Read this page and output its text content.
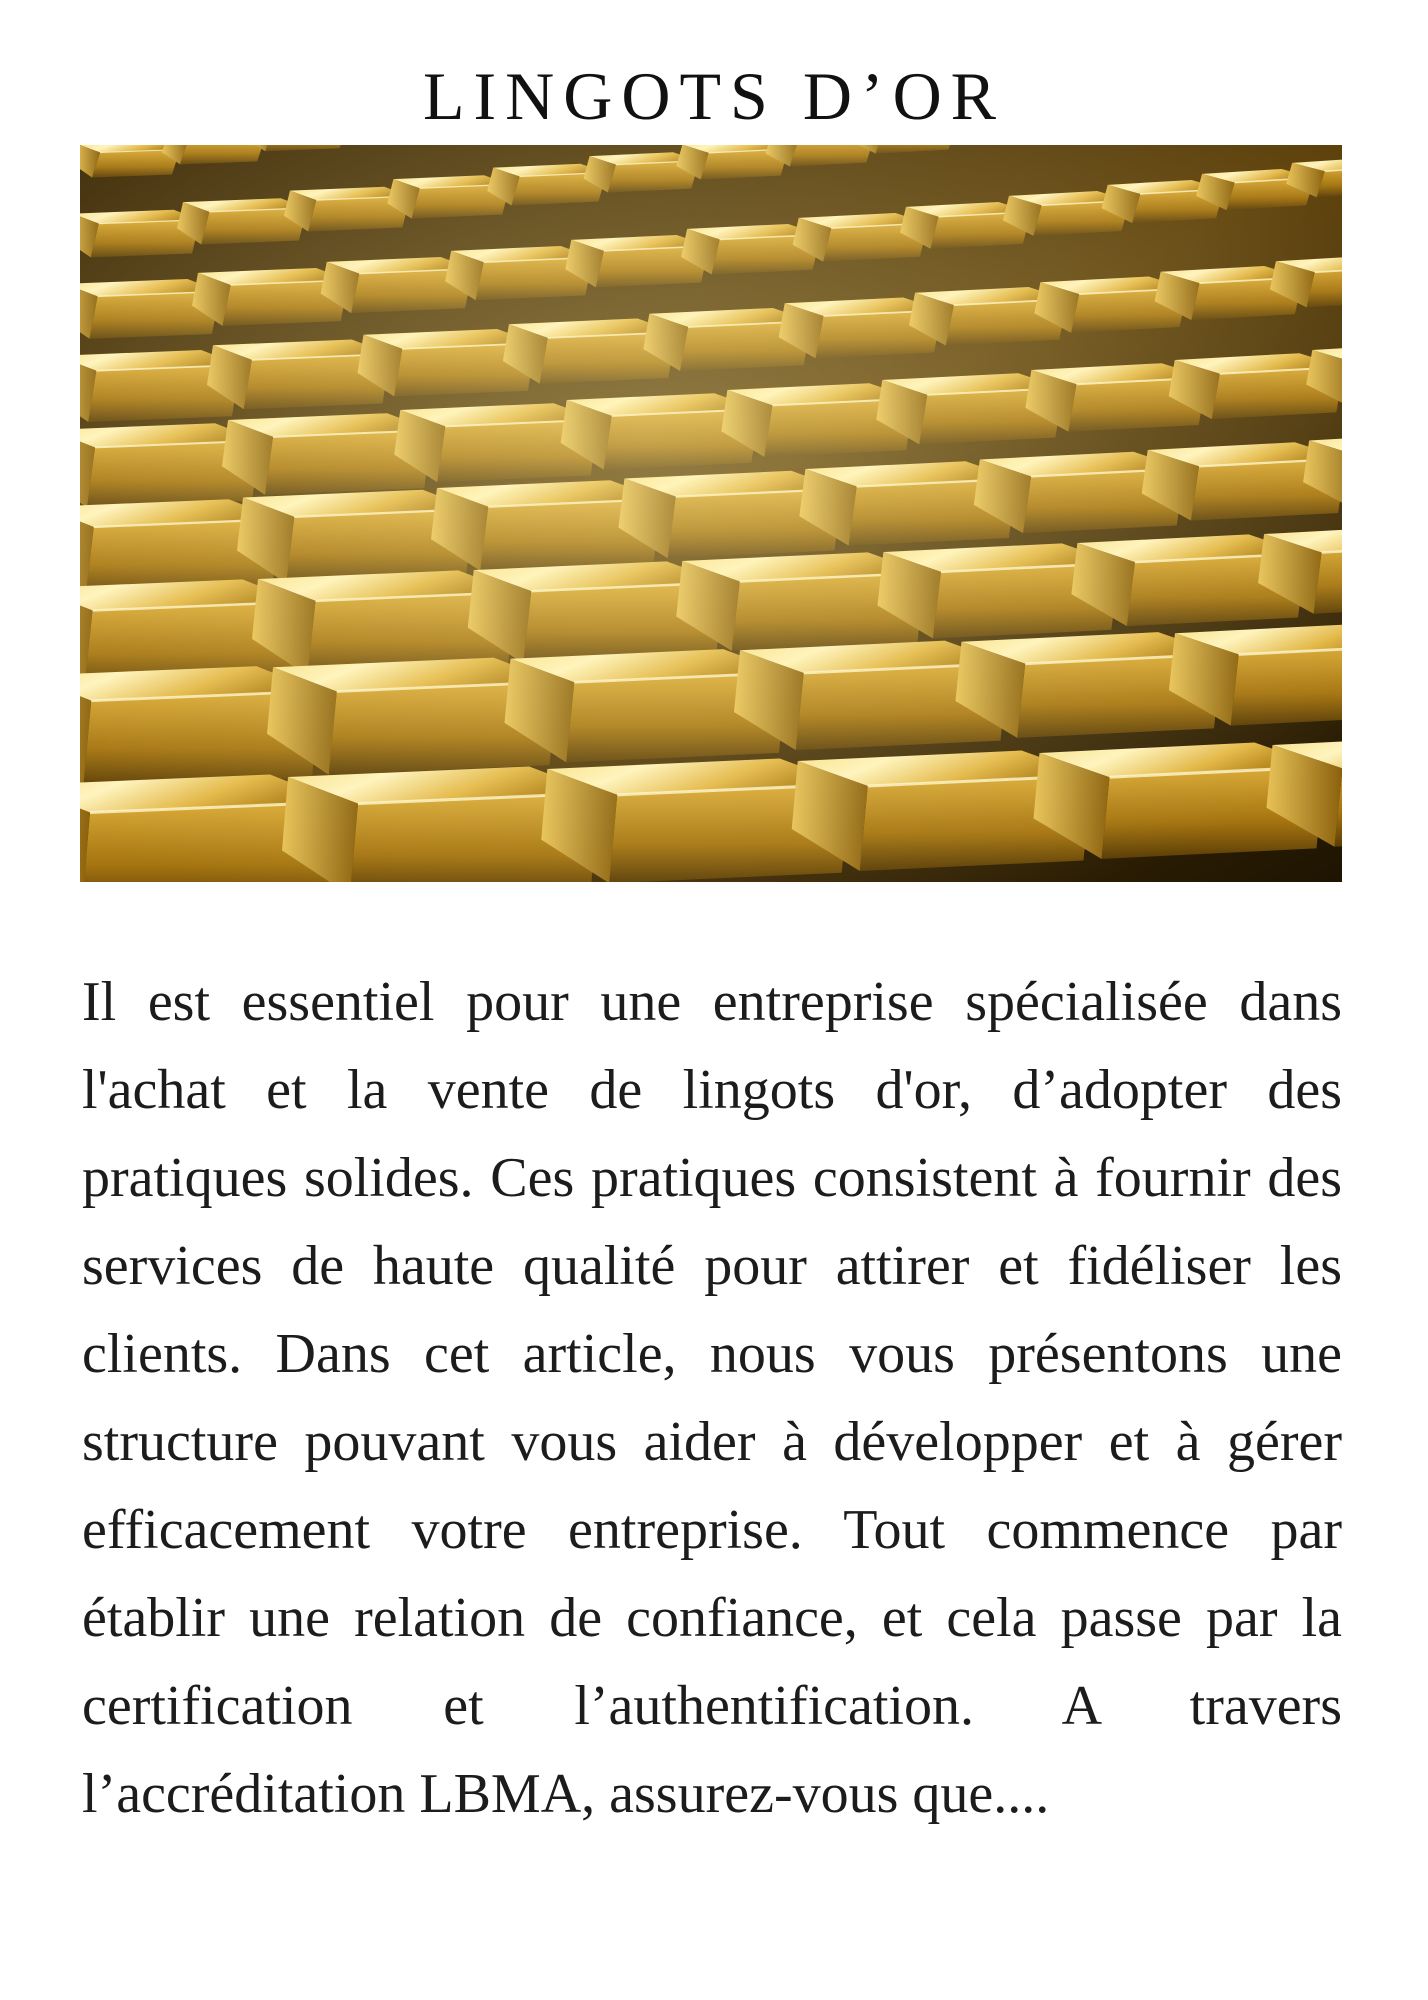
LINGOTS D’OR

Il est essentiel pour une entreprise spécialisée dans l'achat et la vente de lingots d'or, d’adopter des pratiques solides. Ces pratiques consistent à fournir des services de haute qualité pour attirer et fidéliser les clients. Dans cet article, nous vous présentons une structure pouvant vous aider à développer et à gérer efficacement votre entreprise. Tout commence par établir une relation de confiance, et cela passe par la certification et l’authentification. A travers l’accréditation LBMA, assurez-vous que....
